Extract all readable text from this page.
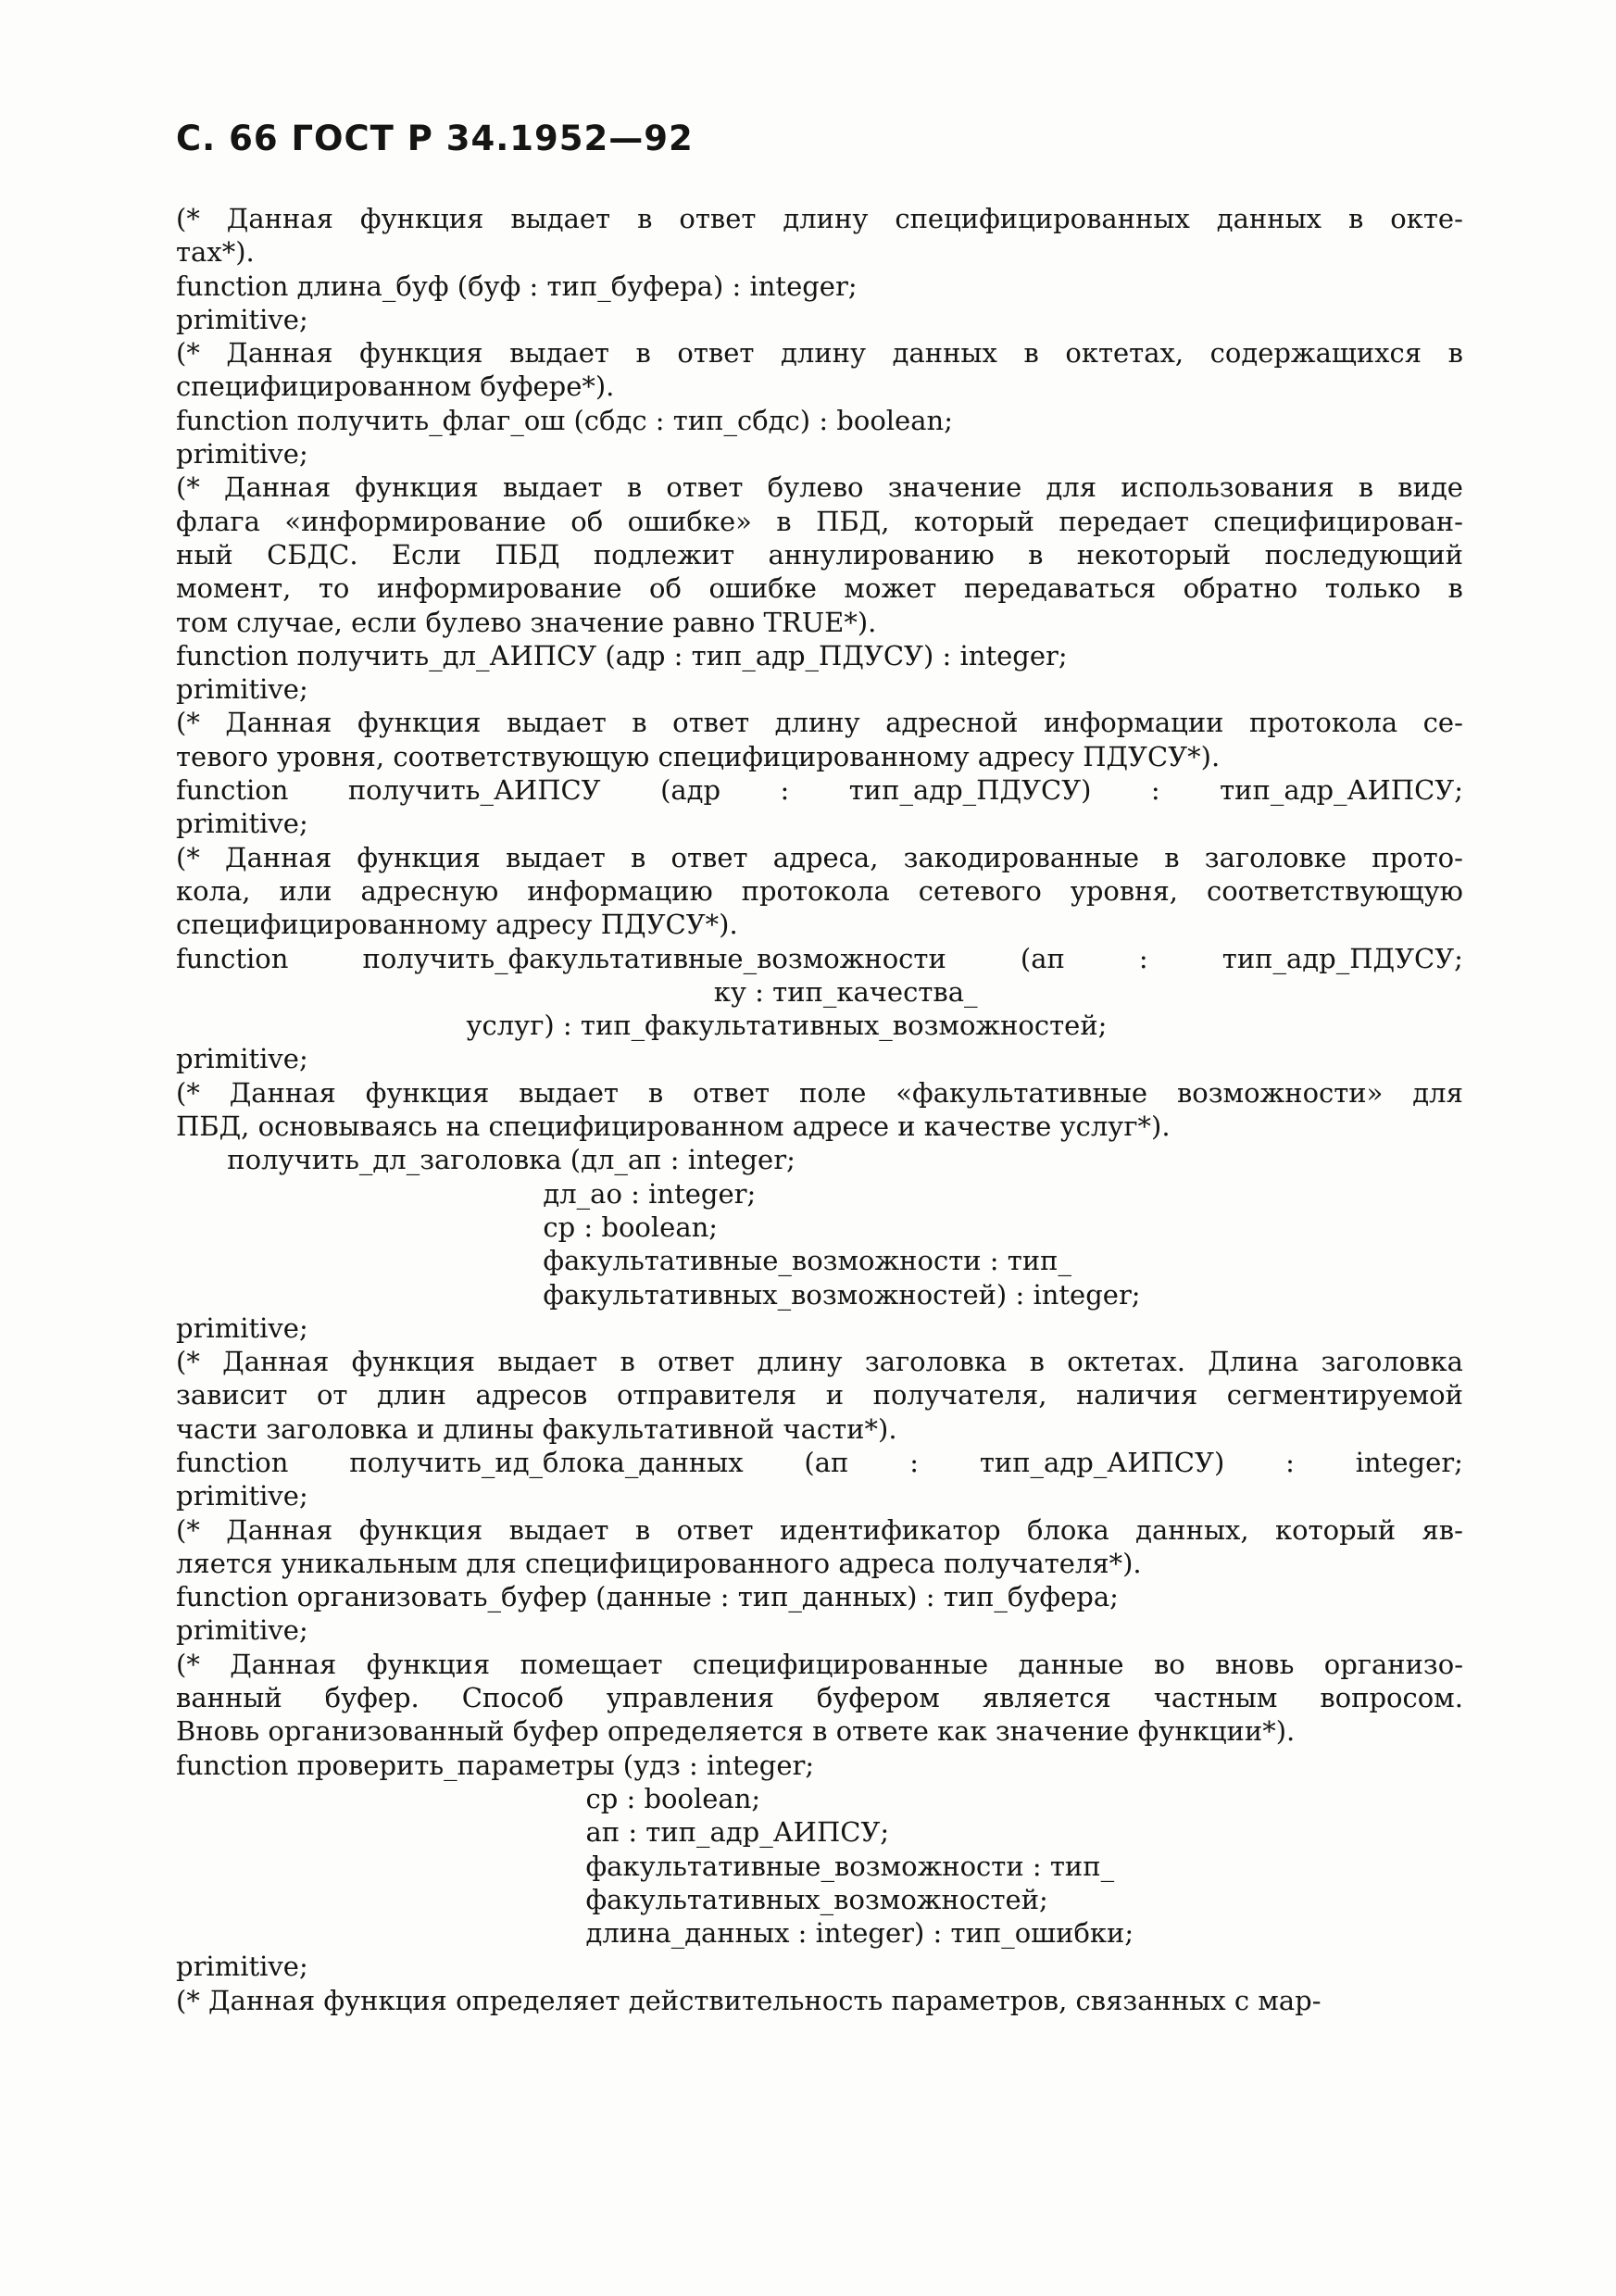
С. 66 ГОСТ Р 34.1952—92
(* Данная функция выдает в ответ длину специфицированных данных в окте-
тах*).
function длина_буф (буф : тип_буфера) : integer;
primitive;
(* Данная функция выдает в ответ длину данных в октетах, содержащихся в
специфицированном буфере*).
function получить_флаг_ош (сбдс : тип_сбдс) : boolean;
primitive;
(* Данная функция выдает в ответ булево значение для использования в виде
флага «информирование об ошибке» в ПБД, который передает специфицирован-
ный СБДС. Если ПБД подлежит аннулированию в некоторый последующий
момент, то информирование об ошибке может передаваться обратно только в
том случае, если булево значение равно TRUE*).
function получить_дл_АИПСУ (адр : тип_адр_ПДУСУ) : integer;
primitive;
(* Данная функция выдает в ответ длину адресной информации протокола се-
тевого уровня, соответствующую специфицированному адресу ПДУСУ*).
function получить_АИПСУ (адр : тип_адр_ПДУСУ) : тип_адр_АИПСУ;
primitive;
(* Данная функция выдает в ответ адреса, закодированные в заголовке прото-
кола, или адресную информацию протокола сетевого уровня, соответствующую
специфицированному адресу ПДУСУ*).
function	получить_факультативные_возможности	(ап	:	тип_адр_ПДУСУ;
ку : тип_качества_
услуг) : тип_факультативных_возможностей;
primitive;
(* Данная функция выдает в ответ поле «факультативные возможности» для
ПБД, основываясь на специфицированном адресе и качестве услуг*).
получить_дл_заголовка (дл_ап : integer;
дл_ао : integer;
ср : boolean;
факультативные_возможности : тип_
факультативных_возможностей) : integer;
primitive;
(* Данная функция выдает в ответ длину заголовка в октетах. Длина заголовка
зависит от длин адресов отправителя и получателя, наличия сегментируемой
части заголовка и длины факультативной части*).
function получить_ид_блока_данных (ап : тип_адр_АИПСУ) : integer;
primitive;
(* Данная функция выдает в ответ идентификатор блока данных, который яв-
ляется уникальным для специфицированного адреса получателя*).
function организовать_буфер (данные : тип_данных) : тип_буфера;
primitive;
(* Данная функция помещает специфицированные данные во вновь организо-
ванный буфер. Способ управления буфером является частным вопросом.
Вновь организованный буфер определяется в ответе как значение функции*).
function проверить_параметры (удз : integer;
ср : boolean;
ап : тип_адр_АИПСУ;
факультативные_возможности : тип_
факультативных_возможностей;
длина_данных : integer) : тип_ошибки;
primitive;
(* Данная функция определяет действительность параметров, связанных с мар-
